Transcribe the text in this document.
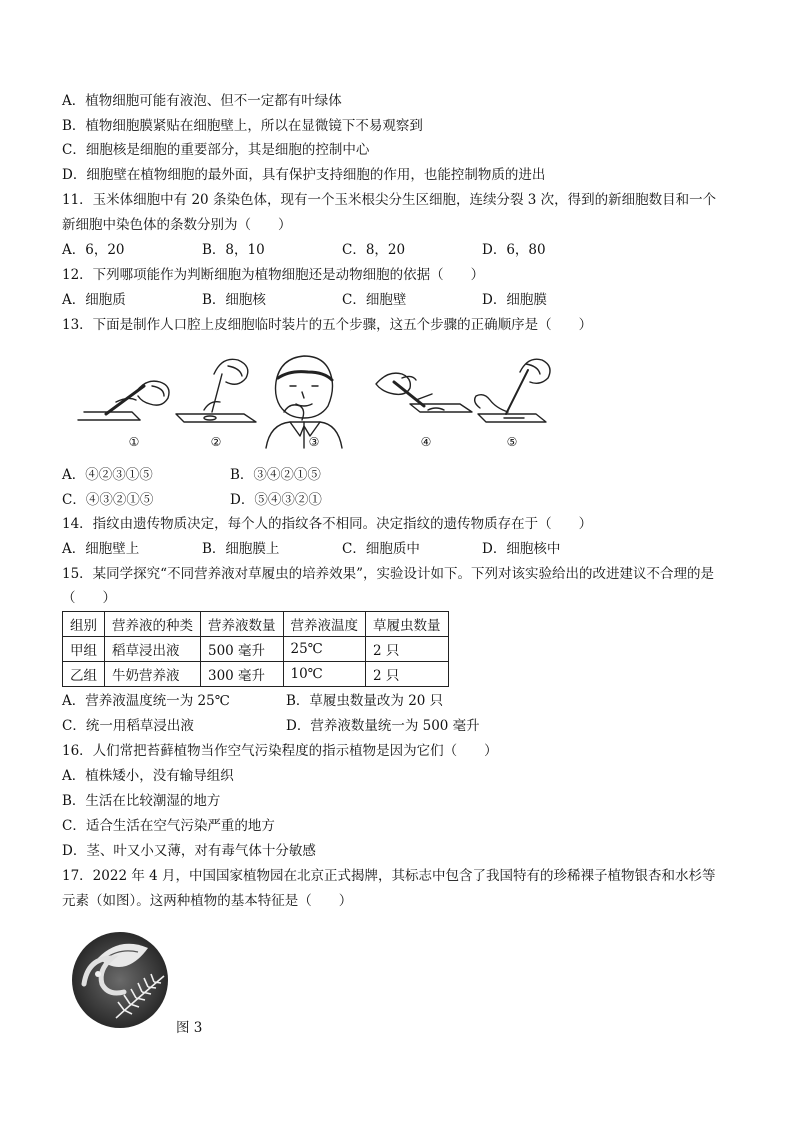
A．植物细胞可能有液泡、但不一定都有叶绿体
B．植物细胞膜紧贴在细胞壁上，所以在显微镜下不易观察到
C．细胞核是细胞的重要部分，其是细胞的控制中心
D．细胞壁在植物细胞的最外面，具有保护支持细胞的作用，也能控制物质的进出
11．玉米体细胞中有 20 条染色体，现有一个玉米根尖分生区细胞，连续分裂 3 次，得到的新细胞数目和一个
新细胞中染色体的条数分别为（　　）
A．6，20	B．8，10	C．8，20	D．6，80
12．下列哪项能作为判断细胞为植物细胞还是动物细胞的依据（　　）
A．细胞质	B．细胞核	C．细胞壁	D．细胞膜
13．下面是制作人口腔上皮细胞临时装片的五个步骤，这五个步骤的正确顺序是（　　）
①	②	③	④	⑤
A．④②③①⑤	B．③④②①⑤
C．④③②①⑤	D．⑤④③②①
14．指纹由遗传物质决定，每个人的指纹各不相同。决定指纹的遗传物质存在于（　　）
A．细胞壁上	B．细胞膜上	C．细胞质中	D．细胞核中
15．某同学探究“不同营养液对草履虫的培养效果”，实验设计如下。下列对该实验给出的改进建议不合理的是
（　　）
组别	营养液的种类	营养液数量	营养液温度	草履虫数量
甲组	稻草浸出液	500 毫升	25℃	2 只
乙组	牛奶营养液	300 毫升	10℃	2 只
A．营养液温度统一为 25℃	B．草履虫数量改为 20 只
C．统一用稻草浸出液	D．营养液数量统一为 500 毫升
16．人们常把苔藓植物当作空气污染程度的指示植物是因为它们（　　）
A．植株矮小，没有输导组织
B．生活在比较潮湿的地方
C．适合生活在空气污染严重的地方
D．茎、叶又小又薄，对有毒气体十分敏感
17．2022 年 4 月，中国国家植物园在北京正式揭牌，其标志中包含了我国特有的珍稀裸子植物银杏和水杉等
元素（如图）。这两种植物的基本特征是（　　）
图 3
